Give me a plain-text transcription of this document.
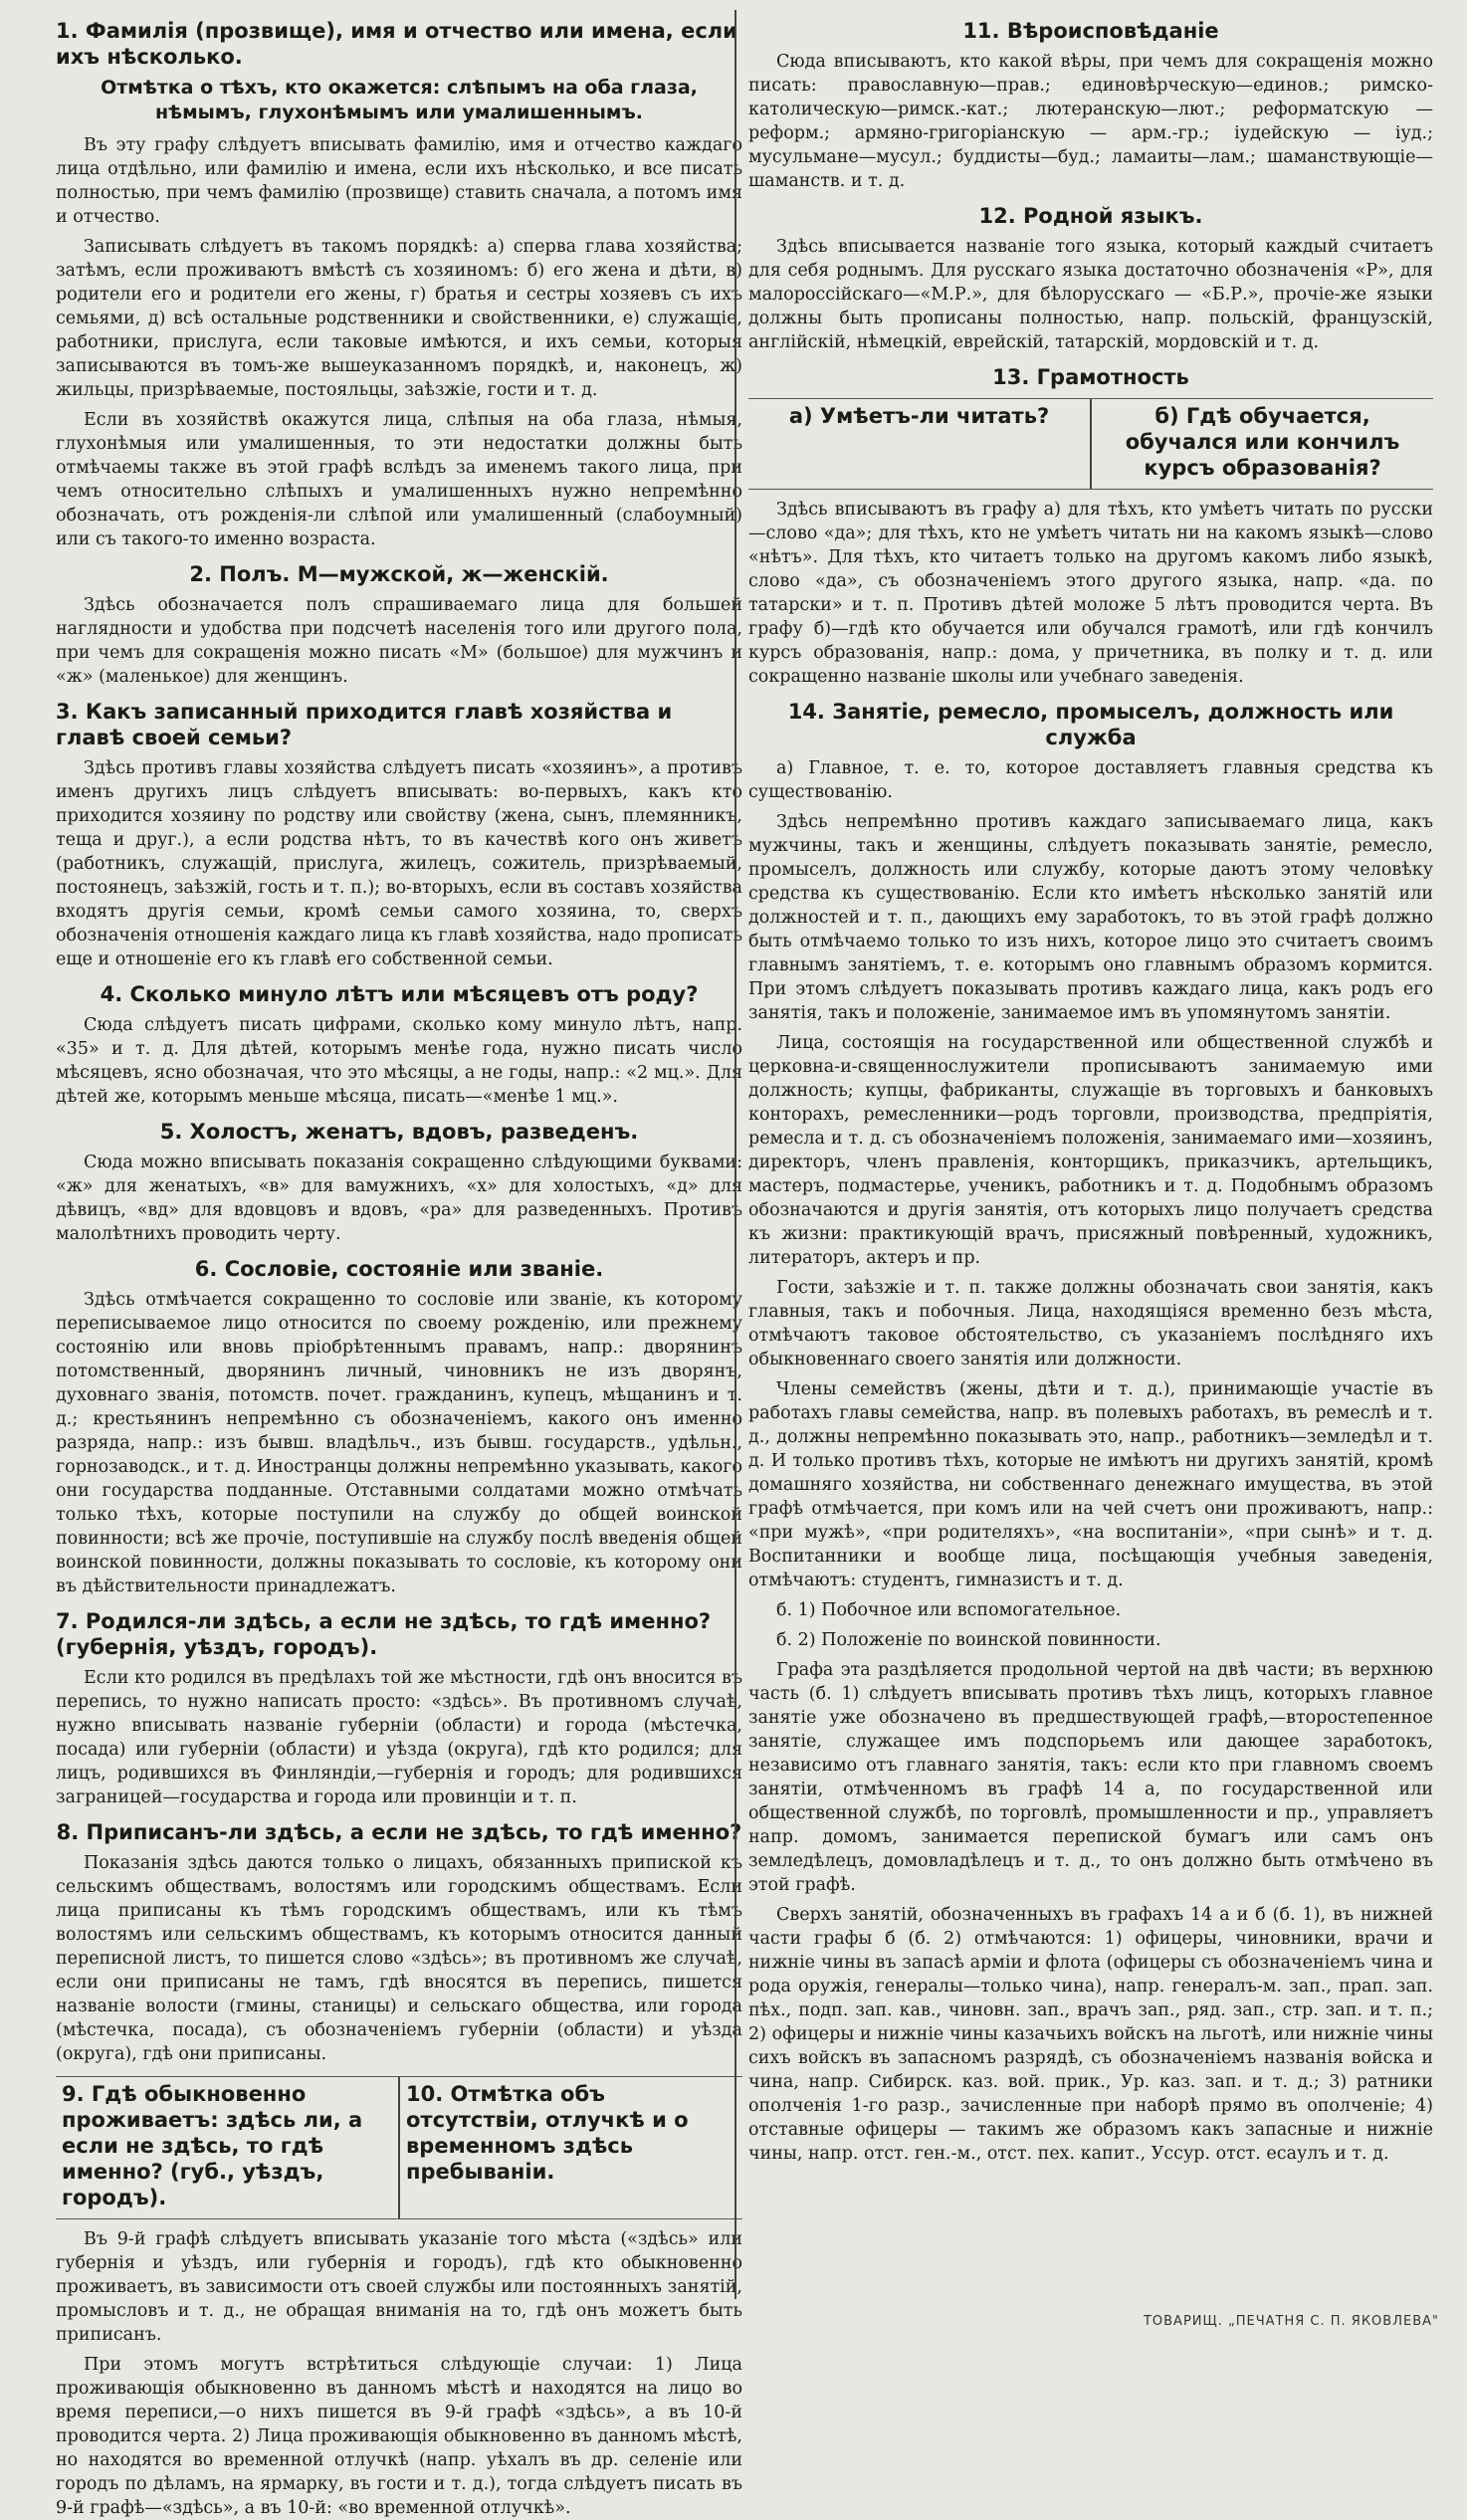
1. Фамилія (прозвище), имя и отчество или имена, если ихъ нѣсколько.
Отмѣтка о тѣхъ, кто окажется: слѣпымъ на оба глаза, нѣмымъ, глухонѣмымъ или умалишеннымъ.

Въ эту графу слѣдуетъ вписывать фамилію, имя и отчество каждаго лица отдѣльно, или фамилію и имена, если ихъ нѣсколько, и все писать полностью, при чемъ фамилію (прозвище) ставить сначала, а потомъ имя и отчество.

Записывать слѣдуетъ въ такомъ порядкѣ: а) сперва глава хозяйства; затѣмъ, если проживаютъ вмѣстѣ съ хозяиномъ: б) его жена и дѣти, в) родители его и родители его жены, г) братья и сестры хозяевъ съ ихъ семьями, д) всѣ остальные родственники и свойственники, е) служащіе, работники, прислуга, если таковые имѣются, и ихъ семьи, которыя записываются въ томъ-же вышеуказанномъ порядкѣ, и, наконецъ, ж) жильцы, призрѣваемые, постояльцы, заѣзжіе, гости и т. д.

Если въ хозяйствѣ окажутся лица, слѣпыя на оба глаза, нѣмыя, глухонѣмыя или умалишенныя, то эти недостатки должны быть отмѣчаемы также въ этой графѣ вслѣдъ за именемъ такого лица, при чемъ относительно слѣпыхъ и умалишенныхъ нужно непремѣнно обозначать, отъ рожденія-ли слѣпой или умалишенный (слабоумный) или съ такого-то именно возраста.

2. Полъ. М—мужской, ж—женскій.

Здѣсь обозначается полъ спрашиваемаго лица для большей наглядности и удобства при подсчетѣ населенія того или другого пола, при чемъ для сокращенія можно писать «М» (большое) для мужчинъ и «ж» (маленькое) для женщинъ.

3. Какъ записанный приходится главѣ хозяйства и главѣ своей семьи?

Здѣсь противъ главы хозяйства слѣдуетъ писать «хозяинъ», а противъ именъ другихъ лицъ слѣдуетъ вписывать: во-первыхъ, какъ кто приходится хозяину по родству или свойству (жена, сынъ, племянникъ, теща и друг.), а если родства нѣтъ, то въ качествѣ кого онъ живетъ (работникъ, служащій, прислуга, жилецъ, сожитель, призрѣваемый, постоянецъ, заѣзжій, гость и т. п.); во-вторыхъ, если въ составъ хозяйства входятъ другія семьи, кромѣ семьи самого хозяина, то, сверхъ обозначенія отношенія каждаго лица къ главѣ хозяйства, надо прописать еще и отношеніе его къ главѣ его собственной семьи.

4. Сколько минуло лѣтъ или мѣсяцевъ отъ роду?

Сюда слѣдуетъ писать цифрами, сколько кому минуло лѣтъ, напр. «35» и т. д. Для дѣтей, которымъ менѣе года, нужно писать число мѣсяцевъ, ясно обозначая, что это мѣсяцы, а не годы, напр.: «2 мц.». Для дѣтей же, которымъ меньше мѣсяца, писать—«менѣе 1 мц.».

5. Холостъ, женатъ, вдовъ, разведенъ.

Сюда можно вписывать показанія сокращенно слѣдующими буквами: «ж» для женатыхъ, «в» для вамужнихъ, «х» для холостыхъ, «д» для дѣвицъ, «вд» для вдовцовъ и вдовъ, «ра» для разведенныхъ. Противъ малолѣтнихъ проводить черту.

6. Сословіе, состояніе или званіе.

Здѣсь отмѣчается сокращенно то сословіе или званіе, къ которому переписываемое лицо относится по своему рожденію, или прежнему состоянію или вновь пріобрѣтеннымъ правамъ, напр.: дворянинъ потомственный, дворянинъ личный, чиновникъ не изъ дворянъ, духовнаго званія, потомств. почет. гражданинъ, купецъ, мѣщанинъ и т. д.; крестьянинъ непремѣнно съ обозначеніемъ, какого онъ именно разряда, напр.: изъ бывш. владѣльч., изъ бывш. государств., удѣльн., горнозаводск., и т. д. Иностранцы должны непремѣнно указывать, какого они государства подданные. Отставными солдатами можно отмѣчать только тѣхъ, которые поступили на службу до общей воинской повинности; всѣ же прочіе, поступившіе на службу послѣ введенія общей воинской повинности, должны показывать то сословіе, къ которому они въ дѣйствительности принадлежатъ.

7. Родился-ли здѣсь, а если не здѣсь, то гдѣ именно? (губернія, уѣздъ, городъ).

Если кто родился въ предѣлахъ той же мѣстности, гдѣ онъ вносится въ перепись, то нужно написать просто: «здѣсь». Въ противномъ случаѣ, нужно вписывать названіе губерніи (области) и города (мѣстечка, посада) или губерніи (области) и уѣзда (округа), гдѣ кто родился; для лицъ, родившихся въ Финляндіи,—губернія и городъ; для родившихся заграницей—государства и города или провинціи и т. п.

8. Приписанъ-ли здѣсь, а если не здѣсь, то гдѣ именно?

Показанія здѣсь даются только о лицахъ, обязанныхъ припиской къ сельскимъ обществамъ, волостямъ или городскимъ обществамъ. Если лица приписаны къ тѣмъ городскимъ обществамъ, или къ тѣмъ волостямъ или сельскимъ обществамъ, къ которымъ относится данный переписной листъ, то пишется слово «здѣсь»; въ противномъ же случаѣ, если они приписаны не тамъ, гдѣ вносятся въ перепись, пишется названіе волости (гмины, станицы) и сельскаго общества, или города (мѣстечка, посада), съ обозначеніемъ губерніи (области) и уѣзда (округа), гдѣ они приписаны.

9. Гдѣ обыкновенно проживаетъ: здѣсь ли, а если не здѣсь, то гдѣ именно? (губ., уѣздъ, городъ).
10. Отмѣтка объ отсутствіи, отлучкѣ и о временномъ здѣсь пребываніи.

Въ 9-й графѣ слѣдуетъ вписывать указаніе того мѣста («здѣсь» или губернія и уѣздъ, или губернія и городъ), гдѣ кто обыкновенно проживаетъ, въ зависимости отъ своей службы или постоянныхъ занятій, промысловъ и т. д., не обращая вниманія на то, гдѣ онъ можетъ быть приписанъ.

При этомъ могутъ встрѣтиться слѣдующіе случаи: 1) Лица проживающія обыкновенно въ данномъ мѣстѣ и находятся на лицо во время переписи,—о нихъ пишется въ 9-й графѣ «здѣсь», а въ 10-й проводится черта. 2) Лица проживающія обыкновенно въ данномъ мѣстѣ, но находятся во временной отлучкѣ (напр. уѣхалъ въ др. селеніе или городъ по дѣламъ, на ярмарку, въ гости и т. д.), тогда слѣдуетъ писать въ 9-й графѣ—«здѣсь», а въ 10-й: «во временной отлучкѣ».

11. Вѣроисповѣданіе

Сюда вписываютъ, кто какой вѣры, при чемъ для сокращенія можно писать: православную—прав.; единовѣрческую—единов.; римско-католическую—римск.-кат.; лютеранскую—лют.; реформатскую — реформ.; армяно-григоріанскую — арм.-гр.; іудейскую — іуд.; мусульмане—мусул.; буддисты—буд.; ламаиты—лам.; шаманствующіе—шаманств. и т. д.

12. Родной языкъ.

Здѣсь вписывается названіе того языка, который каждый считаетъ для себя роднымъ. Для русскаго языка достаточно обозначенія «Р», для малороссійскаго—«М.Р.», для бѣлорусскаго — «Б.Р.», прочіе-же языки должны быть прописаны полностью, напр. польскій, французскій, англійскій, нѣмецкій, еврейскій, татарскій, мордовскій и т. д.

13. Грамотность
а) Умѣетъ-ли читать?	б) Гдѣ обучается, обучался или кончилъ курсъ образованія?

Здѣсь вписываютъ въ графу а) для тѣхъ, кто умѣетъ читать по русски—слово «да»; для тѣхъ, кто не умѣетъ читать ни на какомъ языкѣ—слово «нѣтъ». Для тѣхъ, кто читаетъ только на другомъ какомъ либо языкѣ, слово «да», съ обозначеніемъ этого другого языка, напр. «да. по татарски» и т. п. Противъ дѣтей моложе 5 лѣтъ проводится черта. Въ графу б)—гдѣ кто обучается или обучался грамотѣ, или гдѣ кончилъ курсъ образованія, напр.: дома, у причетника, въ полку и т. д. или сокращенно названіе школы или учебнаго заведенія.

14. Занятіе, ремесло, промыселъ, должность или служба

а) Главное, т. е. то, которое доставляетъ главныя средства къ существованію.

Здѣсь непремѣнно противъ каждаго записываемаго лица, какъ мужчины, такъ и женщины, слѣдуетъ показывать занятіе, ремесло, промыселъ, должность или службу, которые даютъ этому человѣку средства къ существованію. Если кто имѣетъ нѣсколько занятій или должностей и т. п., дающихъ ему заработокъ, то въ этой графѣ должно быть отмѣчаемо только то изъ нихъ, которое лицо это считаетъ своимъ главнымъ занятіемъ, т. е. которымъ оно главнымъ образомъ кормится. При этомъ слѣдуетъ показывать противъ каждаго лица, какъ родъ его занятія, такъ и положеніе, занимаемое имъ въ упомянутомъ занятіи.

Лица, состоящія на государственной или общественной службѣ и церковна-и-священнослужители прописываютъ занимаемую ими должность; купцы, фабриканты, служащіе въ торговыхъ и банковыхъ конторахъ, ремесленники—родъ торговли, производства, предпріятія, ремесла и т. д. съ обозначеніемъ положенія, занимаемаго ими—хозяинъ, директоръ, членъ правленія, конторщикъ, приказчикъ, артельщикъ, мастеръ, подмастерье, ученикъ, работникъ и т. д. Подобнымъ образомъ обозначаются и другія занятія, отъ которыхъ лицо получаетъ средства къ жизни: практикующій врачъ, присяжный повѣренный, художникъ, литераторъ, актеръ и пр.

Гости, заѣзжіе и т. п. также должны обозначать свои занятія, какъ главныя, такъ и побочныя. Лица, находящіяся временно безъ мѣста, отмѣчаютъ таковое обстоятельство, съ указаніемъ послѣдняго ихъ обыкновеннаго своего занятія или должности.

Члены семействъ (жены, дѣти и т. д.), принимающіе участіе въ работахъ главы семейства, напр. въ полевыхъ работахъ, въ ремеслѣ и т. д., должны непремѣнно показывать это, напр., работникъ—земледѣл и т. д. И только противъ тѣхъ, которые не имѣютъ ни другихъ занятій, кромѣ домашняго хозяйства, ни собственнаго денежнаго имущества, въ этой графѣ отмѣчается, при комъ или на чей счетъ они проживаютъ, напр.: «при мужѣ», «при родителяхъ», «на воспитаніи», «при сынѣ» и т. д. Воспитанники и вообще лица, посѣщающія учебныя заведенія, отмѣчаютъ: студентъ, гимназистъ и т. д.

б. 1) Побочное или вспомогательное.

б. 2) Положеніе по воинской повинности.

Графа эта раздѣляется продольной чертой на двѣ части; въ верхнюю часть (б. 1) слѣдуетъ вписывать противъ тѣхъ лицъ, которыхъ главное занятіе уже обозначено въ предшествующей графѣ,—второстепенное занятіе, служащее имъ подспорьемъ или дающее заработокъ, независимо отъ главнаго занятія, такъ: если кто при главномъ своемъ занятіи, отмѣченномъ въ графѣ 14 а, по государственной или общественной службѣ, по торговлѣ, промышленности и пр., управляетъ напр. домомъ, занимается перепиской бумагъ или самъ онъ земледѣлецъ, домовладѣлецъ и т. д., то онъ должно быть отмѣчено въ этой графѣ.

Сверхъ занятій, обозначенныхъ въ графахъ 14 а и б (б. 1), въ нижней части графы б (б. 2) отмѣчаются: 1) офицеры, чиновники, врачи и нижніе чины въ запасѣ арміи и флота (офицеры съ обозначеніемъ чина и рода оружія, генералы—только чина), напр. генералъ-м. зап., прап. зап. пѣх., подп. зап. кав., чиновн. зап., врачъ зап., ряд. зап., стр. зап. и т. п.; 2) офицеры и нижніе чины казачьихъ войскъ на льготѣ, или нижніе чины сихъ войскъ въ запасномъ разрядѣ, съ обозначеніемъ названія войска и чина, напр. Сибирск. каз. вой. прик., Ур. каз. зап. и т. д.; 3) ратники ополченія 1-го разр., зачисленные при наборѣ прямо въ ополченіе; 4) отставные офицеры — такимъ же образомъ какъ запасные и нижніе чины, напр. отст. ген.-м., отст. пех. капит., Уссур. отст. есаулъ и т. д.

ТОВАРИЩ. „ПЕЧАТНЯ С. П. ЯКОВЛЕВА"
